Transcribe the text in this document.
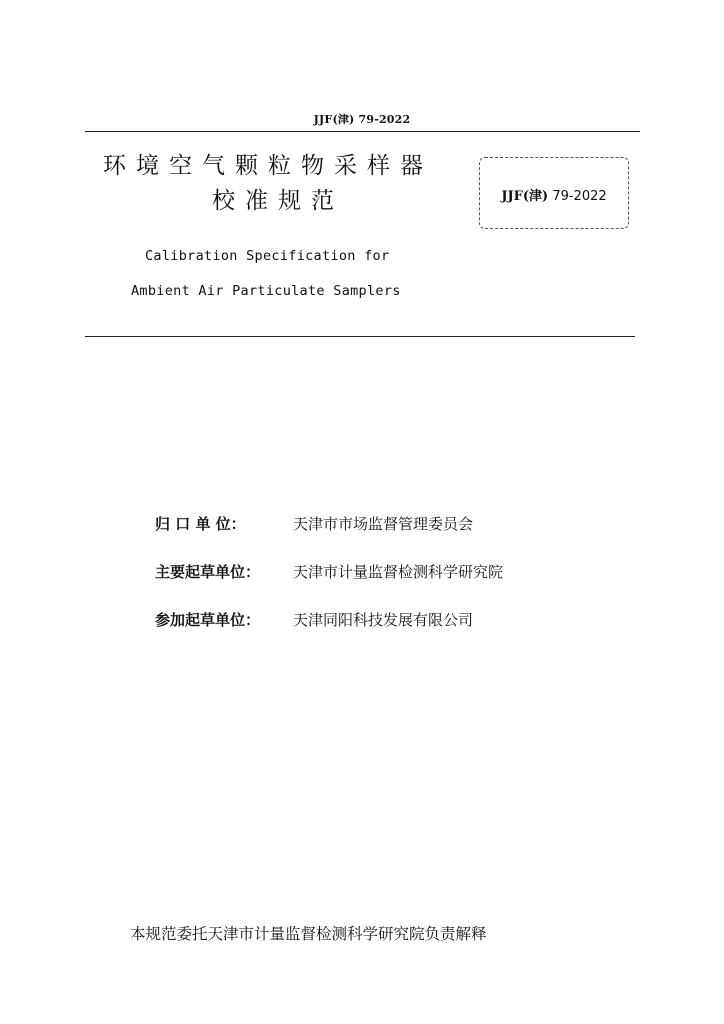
JJF(津) 79-2022
环境空气颗粒物采样器
校准规范	JJF(津) 79-2022
Calibration Specification for
Ambient Air Particulate Samplers
归 口 单 位：	天津市市场监督管理委员会
主要起草单位：	天津市计量监督检测科学研究院
参加起草单位：	天津同阳科技发展有限公司
本规范委托天津市计量监督检测科学研究院负责解释
